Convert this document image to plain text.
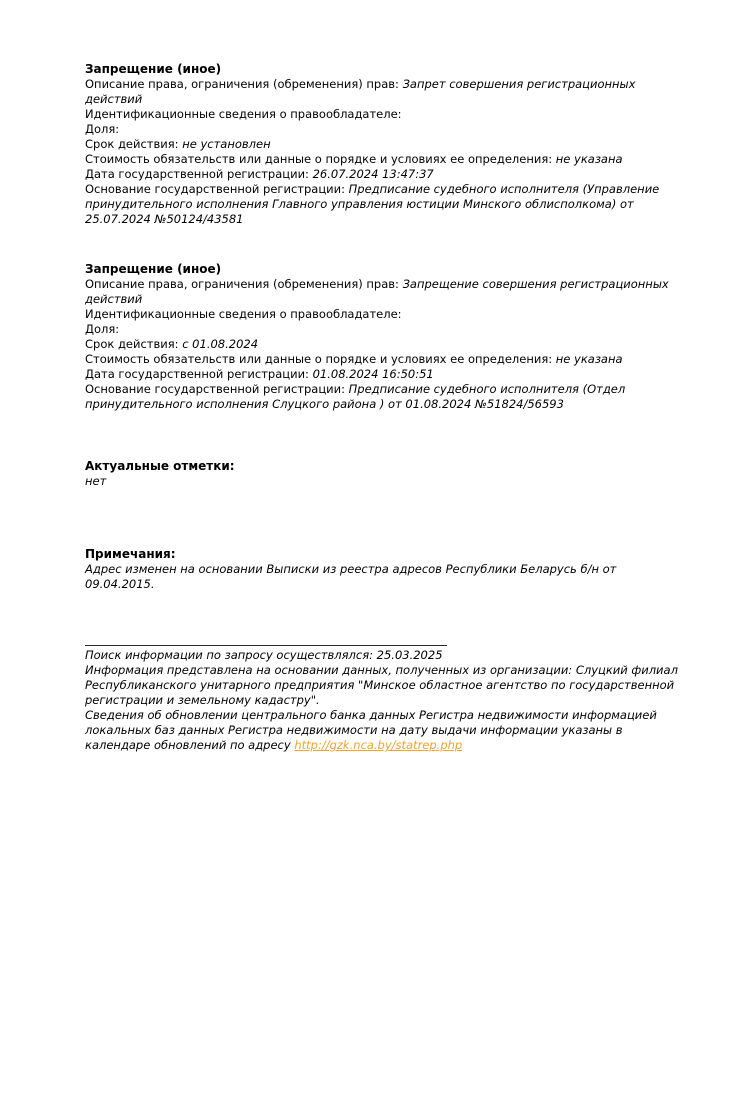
Запрещение (иное)

Описание права, ограничения (обременения) прав: Запрет совершения регистрационных действий

Идентификационные сведения о правообладателе:

Доля:

Срок действия: не установлен

Стоимость обязательств или данные о порядке и условиях ее определения: не указана

Дата государственной регистрации: 26.07.2024 13:47:37

Основание государственной регистрации: Предписание судебного исполнителя (Управление принудительного исполнения Главного управления юстиции Минского облисполкома) от 25.07.2024 №50124/43581

Запрещение (иное)

Описание права, ограничения (обременения) прав: Запрещение совершения регистрационных действий

Идентификационные сведения о правообладателе:

Доля:

Срок действия: с 01.08.2024

Стоимость обязательств или данные о порядке и условиях ее определения: не указана

Дата государственной регистрации: 01.08.2024 16:50:51

Основание государственной регистрации: Предписание судебного исполнителя (Отдел принудительного исполнения Слуцкого района ) от 01.08.2024 №51824/56593

Актуальные отметки:

нет

Примечания:

Адрес изменен на основании Выписки из реестра адресов Республики Беларусь б/н от 09.04.2015.

Поиск информации по запросу осуществлялся: 25.03.2025

Информация представлена на основании данных, полученных из организации: Слуцкий филиал Республиканского унитарного предприятия "Минское областное агентство по государственной регистрации и земельному кадастру".

Сведения об обновлении центрального банка данных Регистра недвижимости информацией локальных баз данных Регистра недвижимости на дату выдачи информации указаны в календаре обновлений по адресу http://gzk.nca.by/statrep.php
